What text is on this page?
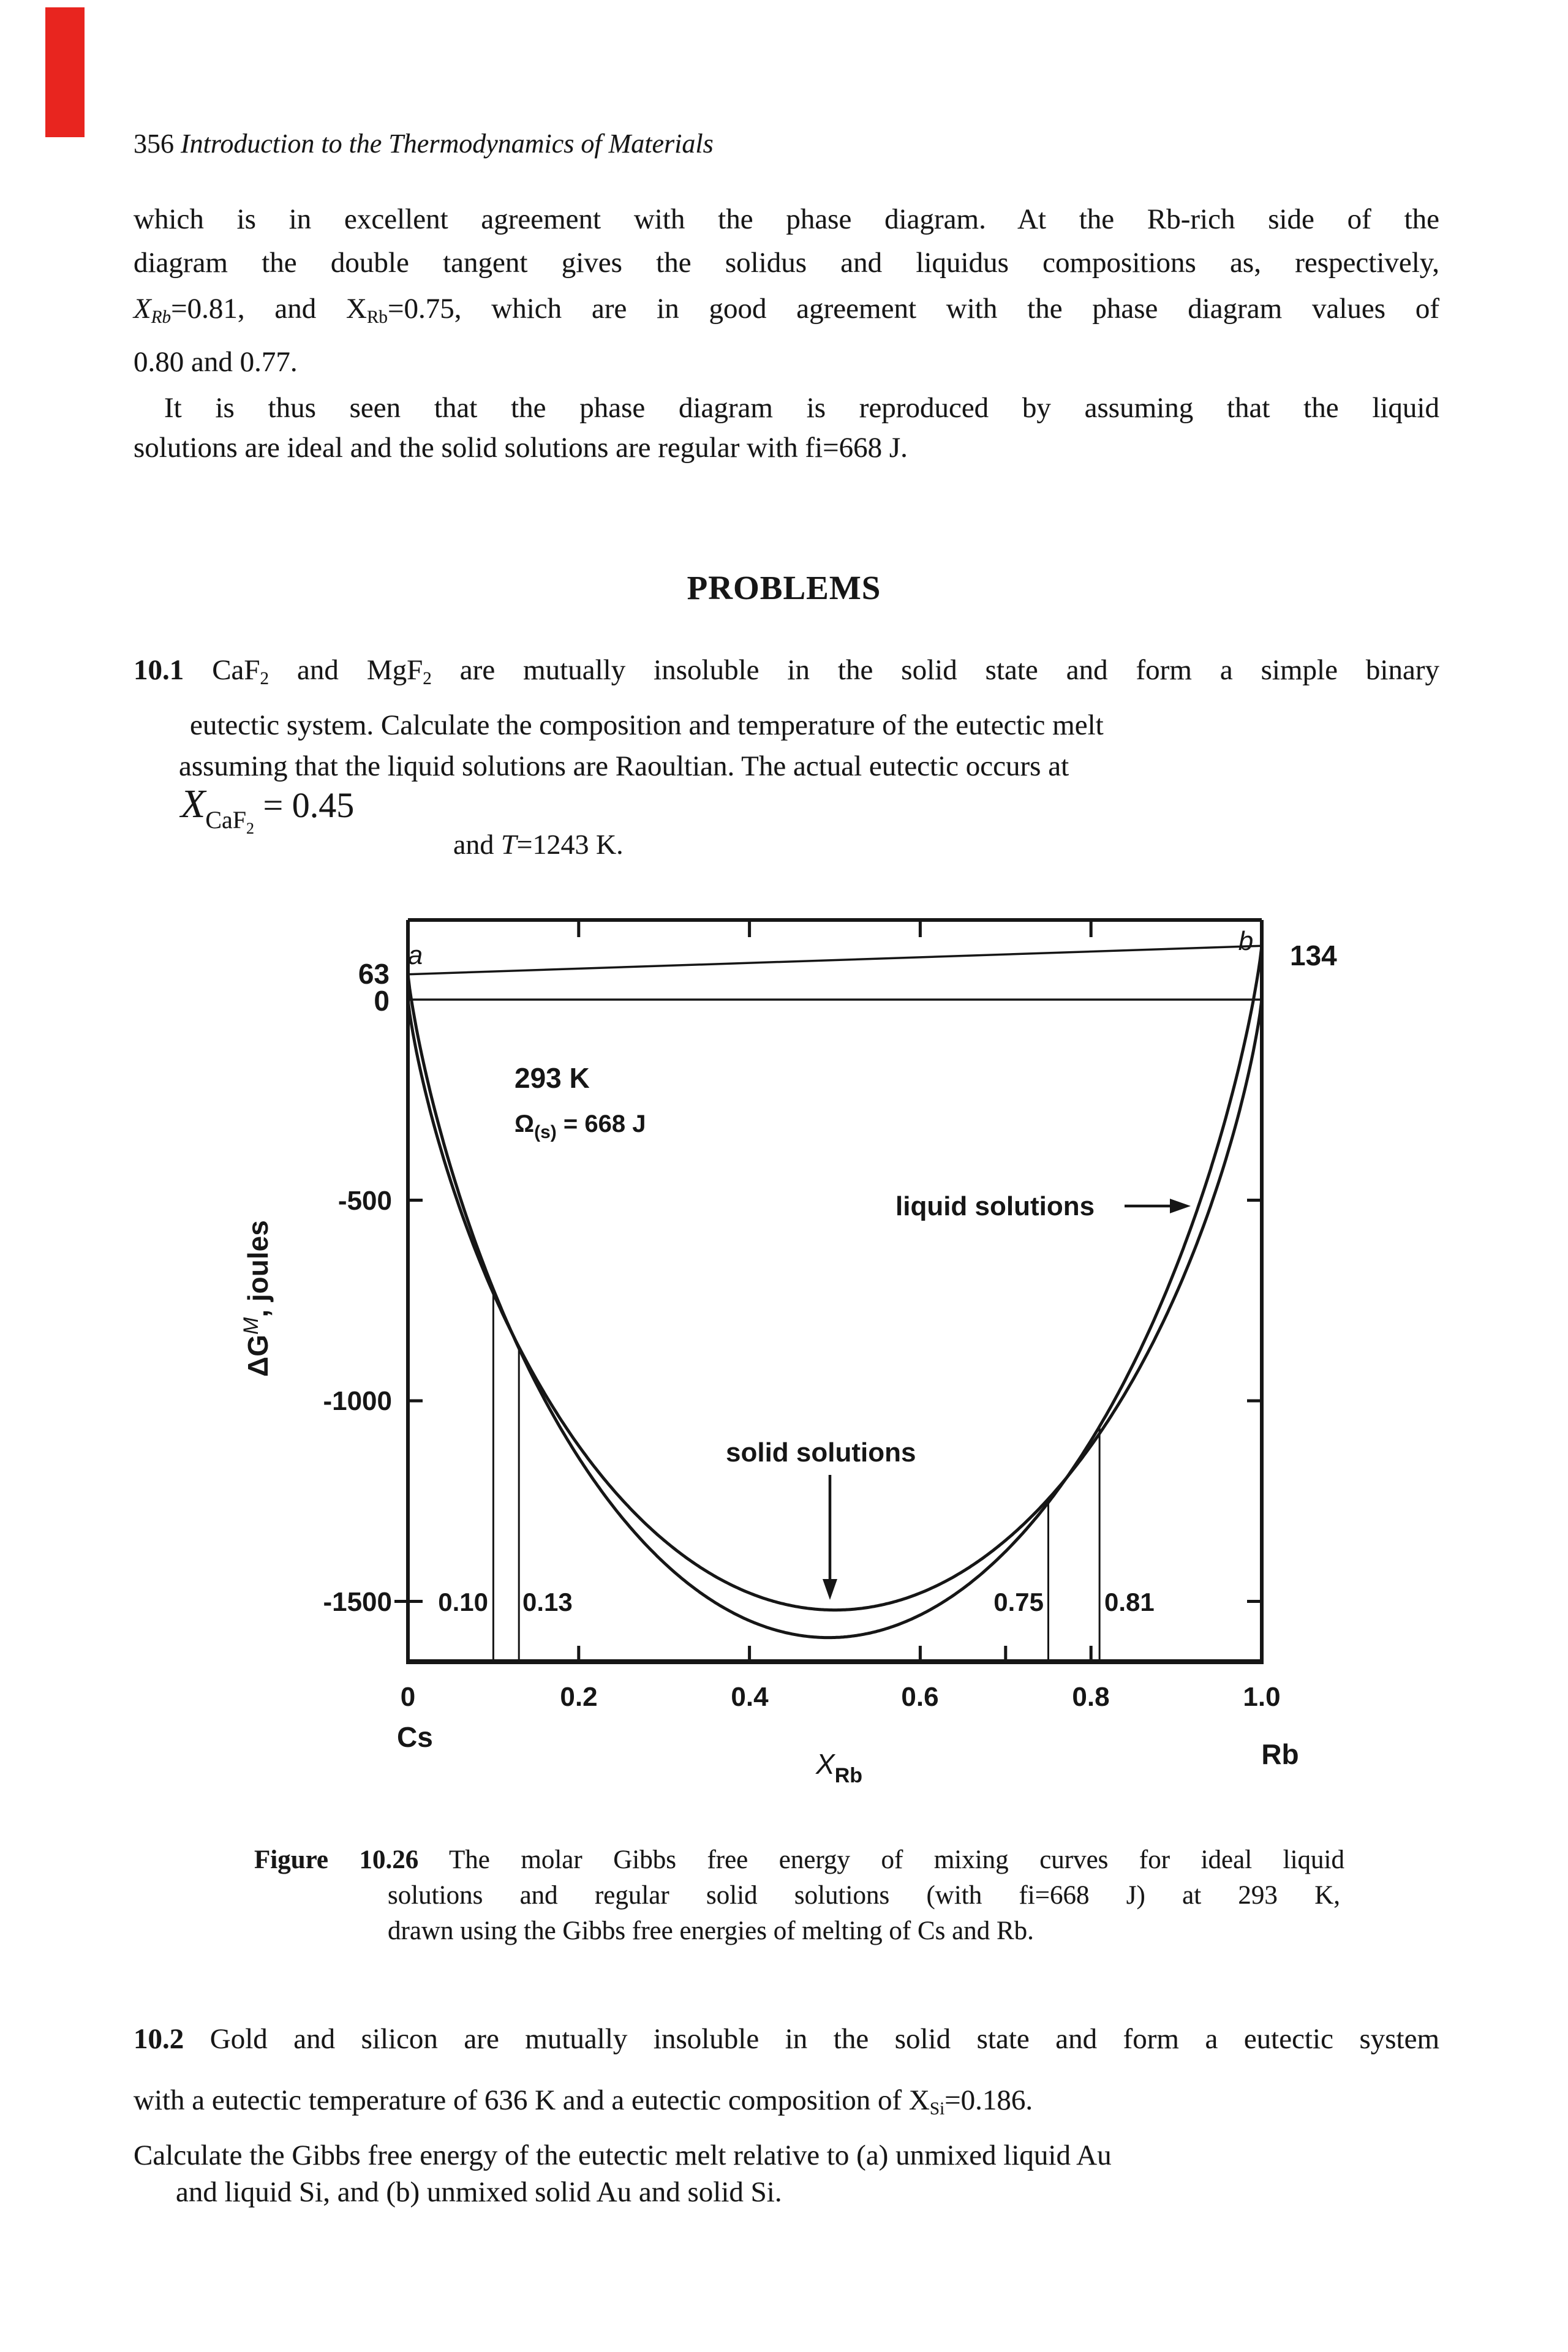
356 Introduction to the Thermodynamics of Materials
which is in excellent agreement with the phase diagram. At the Rb-rich side of the
diagram the double tangent gives the solidus and liquidus compositions as, respectively,
$X_{Rb}=0.81$, and $X_{Rb}=0.75$, which are in good agreement with the phase diagram values of
0.80 and 0.77.
It is thus seen that the phase diagram is reproduced by assuming that the liquid
solutions are ideal and the solid solutions are regular with fi=668 J.
PROBLEMS
10.1 CaF$_2$ and MgF$_2$ are mutually insoluble in the solid state and form a simple binary
eutectic system. Calculate the composition and temperature of the eutectic melt
assuming that the liquid solutions are Raoultian. The actual eutectic occurs at
XCaF$_2$ = 0.45
and T=1243 K.
63
0
-500
-1000
-1500
134
a	b
293 K
$\Omega_{(s)} = 668$ J
liquid solutions
solid solutions
0.10 0.13	0.75 0.81
0	0.2	0.4	0.6	0.8	1.0
Cs
Rb
XRb
ΔGM, joules
Figure 10.26 The molar Gibbs free energy of mixing curves for ideal liquid
solutions and regular solid solutions (with fi=668 J) at 293 K,
drawn using the Gibbs free energies of melting of Cs and Rb.
10.2 Gold and silicon are mutually insoluble in the solid state and form a eutectic system
with a eutectic temperature of 636 K and a eutectic composition of $X_{Si}=0.186$.
Calculate the Gibbs free energy of the eutectic melt relative to (a) unmixed liquid Au
and liquid Si, and (b) unmixed solid Au and solid Si.
